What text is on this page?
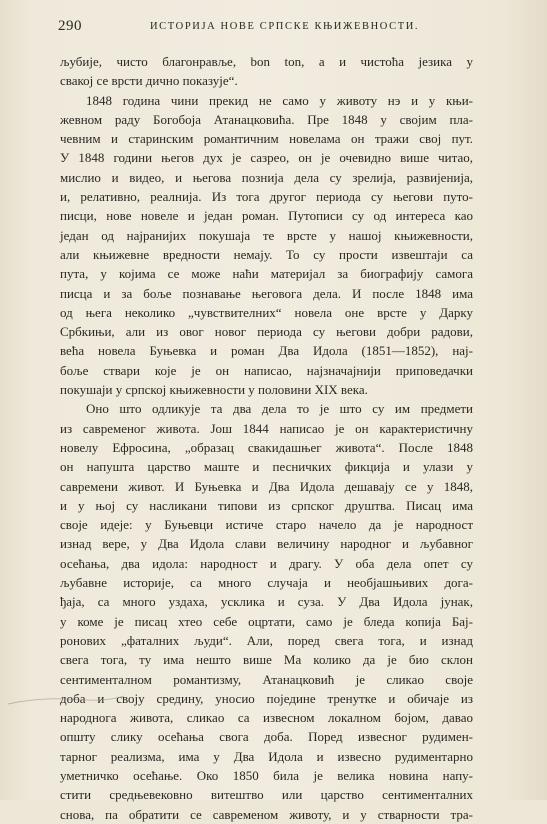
290	ИСТОРИЈА НОВЕ СРПСКЕ КЊИЖЕВНОСТИ.
љубије, чисто благонрављe, bon ton, а и чистоћа језика у
свакој се врсти дично показује“.
1848 година чини прекид не само у животу нэ и у књи-
жевном раду Богобоја Атанацковића. Пре 1848 у својим пла-
чевним и старинским романтичним новелама он тражи свој пут.
У 1848 години његов дух је сазрео, он је очевидно више читао,
мислио и видео, и његова познија дела су зрелија, развијенија,
и, релативно, реалнија. Из тога другог периода су његови путо-
писци, нове новеле и један роман. Путописи су од интереса као
један од најранијих покушаја те врсте у нашој књижевности,
али књижевне вредности немају. То су прости извештаји са
пута, у којима се може наћи материјал за биографију самога
писца и за боље познавање његовога дела. И после 1848 има
од њега неколико „чувствителних“ новела оне врсте у Дарку
Србкињи, али из овог новог периода су његови добри радови,
већа новела Буњевка и роман Два Идола (1851—1852), нај-
боље ствари које је он написао, најзначајнији приповедачки
покушаји у српској књижевности у половини XIX века.
Оно што одликује та два дела то је што су им предмети
из савременог живота. Још 1844 написао је он карактеристичну
новелу Ефросина, „образац свакидашњег живота“. После 1848
он напушта царство маште и песничких фикција и улази у
савремени живот. И Буњевка и Два Идола дешавају се у 1848,
и у њој су насликани типови из српског друштва. Писац има
своје идеје: у Буњевци истиче старо начело да је народност
изнад вере, у Два Идола слави величину народног и љубавног
осећања, два идола: народност и драгу. У оба дела опет су
љубавне историје, са много случаја и необјашњивих дога-
ђаја, са много уздаха, усклика и суза. У Два Идола јунак,
у коме је писац хтео себе оцртати, само је бледа копија Бај-
ронових „фаталних људи“. Али, поред свега тога, и изнад
свега тога, ту има нешто више Ма колико да је био склон
сентименталном романтизму, Атанацковић је сликао своје
доба и своју средину, уносио поједине тренутке и обичаје из
народнога живота, сликао са извесном локалном бојом, давао
општу слику осећања свога доба. Поред извесног рудимен-
тарног реализма, има у Два Идола и извесно рудиментарно
уметничко осећање. Око 1850 била је велика новина напу-
стити средњевековно витештво или царство сентименталних
снова, па обратити се савременом животу, и у стварности тра-
